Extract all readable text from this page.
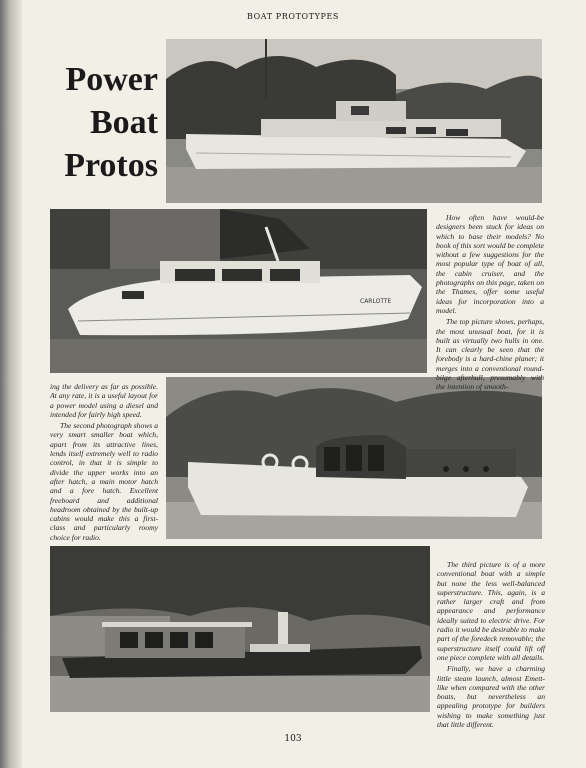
BOAT PROTOTYPES
Power
Boat
Protos
CARLOTTE

How often have would-be designers been stuck for ideas on which to base their models? No book of this sort would be complete without a few suggestions for the most popular type of boat of all, the cabin cruiser, and the photographs on this page, taken on the Thames, offer some useful ideas for incorporation into a model.

The top picture shows, perhaps, the most unusual boat, for it is built as virtually two hulls in one. It can clearly be seen that the forebody is a hard-chine planer; it merges into a conventional round-bilge afterhull, presumably with the intention of smooth-

ing the delivery as far as possible. At any rate, it is a useful layout for a power model using a diesel and intended for fairly high speed.

The second photograph shows a very smart smaller boat which, apart from its attractive lines, lends itself extremely well to radio control, in that it is simple to divide the upper works into an after hatch, a main motor hatch and a fore hatch. Excellent freeboard and additional headroom obtained by the built-up cabins would make this a first-class and particularly roomy choice for radio.

The third picture is of a more conventional boat with a simple but none the less well-balanced superstructure. This, again, is a rather larger craft and from appearance and performance ideally suited to electric drive. For radio it would be desirable to make part of the foredeck removable; the superstructure itself could lift off one piece complete with all details.

Finally, we have a charming little steam launch, almost Emett-like when compared with the other boats, but nevertheless an appealing prototype for builders wishing to make something just that little different.

103
